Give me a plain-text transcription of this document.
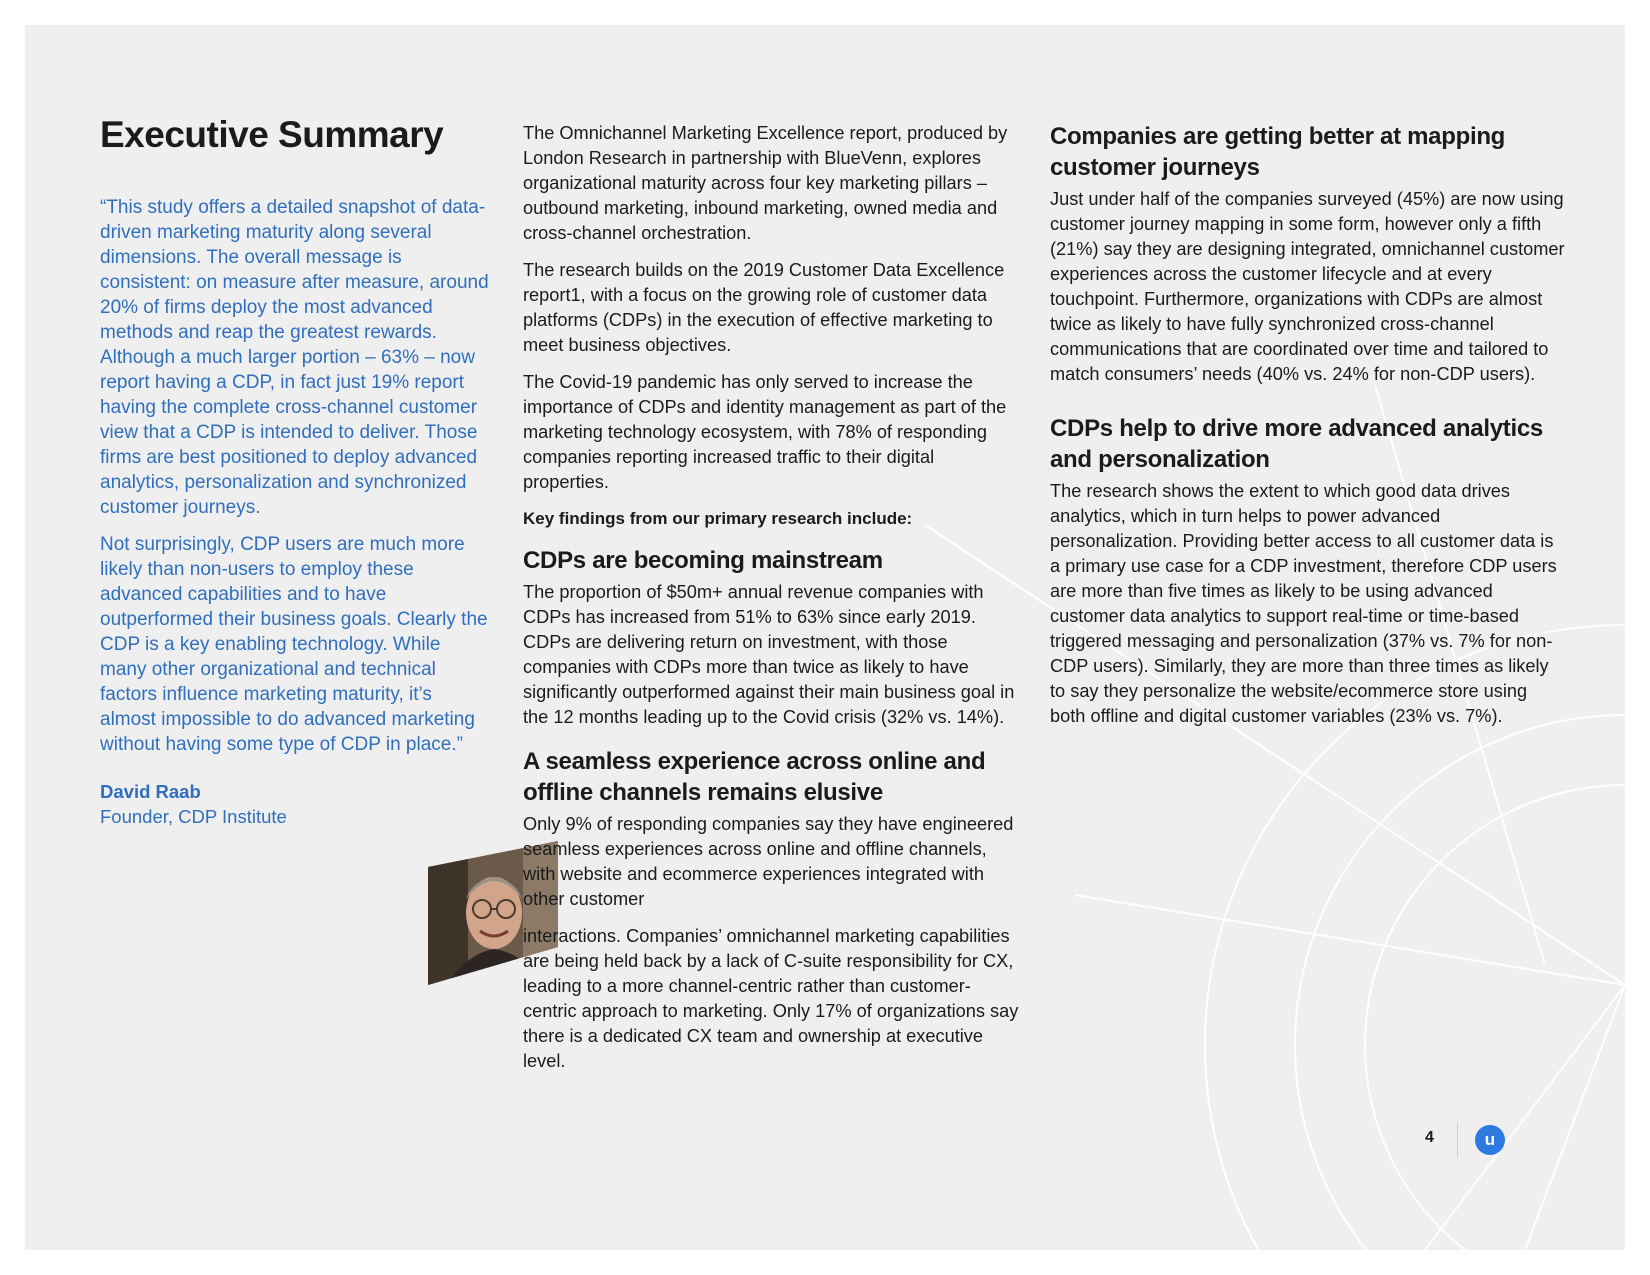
Executive Summary

“This study offers a detailed snapshot of data-driven marketing maturity along several dimensions. The overall message is consistent: on measure after measure, around 20% of firms deploy the most advanced methods and reap the greatest rewards. Although a much larger portion – 63% – now report having a CDP, in fact just 19% report having the complete cross-channel customer view that a CDP is intended to deliver. Those firms are best positioned to deploy advanced analytics, personalization and synchronized customer journeys.

Not surprisingly, CDP users are much more likely than non-users to employ these advanced capabilities and to have outperformed their business goals. Clearly the CDP is a key enabling technology. While many other organizational and technical factors influence marketing maturity, it’s almost impossible to do advanced marketing without having some type of CDP in place.”

David Raab
Founder, CDP Institute

The Omnichannel Marketing Excellence report, produced by London Research in partnership with BlueVenn, explores organizational maturity across four key marketing pillars – outbound marketing, inbound marketing, owned media and cross-channel orchestration.

The research builds on the 2019 Customer Data Excellence report1, with a focus on the growing role of customer data platforms (CDPs) in the execution of effective marketing to meet business objectives.

The Covid-19 pandemic has only served to increase the importance of CDPs and identity management as part of the marketing technology ecosystem, with 78% of responding companies reporting increased traffic to their digital properties.

Key findings from our primary research include:
CDPs are becoming mainstream

The proportion of $50m+ annual revenue companies with CDPs has increased from 51% to 63% since early 2019. CDPs are delivering return on investment, with those companies with CDPs more than twice as likely to have significantly outperformed against their main business goal in the 12 months leading up to the Covid crisis (32% vs. 14%).

A seamless experience across online and offline channels remains elusive

Only 9% of responding companies say they have engineered seamless experiences across online and offline channels, with website and ecommerce experiences integrated with other customer

interactions. Companies’ omnichannel marketing capabilities are being held back by a lack of C-suite responsibility for CX, leading to a more channel-centric rather than customer-centric approach to marketing. Only 17% of organizations say there is a dedicated CX team and ownership at executive level.

Companies are getting better at mapping customer journeys

Just under half of the companies surveyed (45%) are now using customer journey mapping in some form, however only a fifth (21%) say they are designing integrated, omnichannel customer experiences across the customer lifecycle and at every touchpoint. Furthermore, organizations with CDPs are almost twice as likely to have fully synchronized cross-channel communications that are coordinated over time and tailored to match consumers’ needs (40% vs. 24% for non-CDP users).

CDPs help to drive more advanced analytics and personalization

The research shows the extent to which good data drives analytics, which in turn helps to power advanced personalization. Providing better access to all customer data is a primary use case for a CDP investment, therefore CDP users are more than five times as likely to be using advanced customer data analytics to support real-time or time-based triggered messaging and personalization (37% vs. 7% for non-CDP users). Similarly, they are more than three times as likely to say they personalize the website/ecommerce store using both offline and digital customer variables (23% vs. 7%).

4	u
